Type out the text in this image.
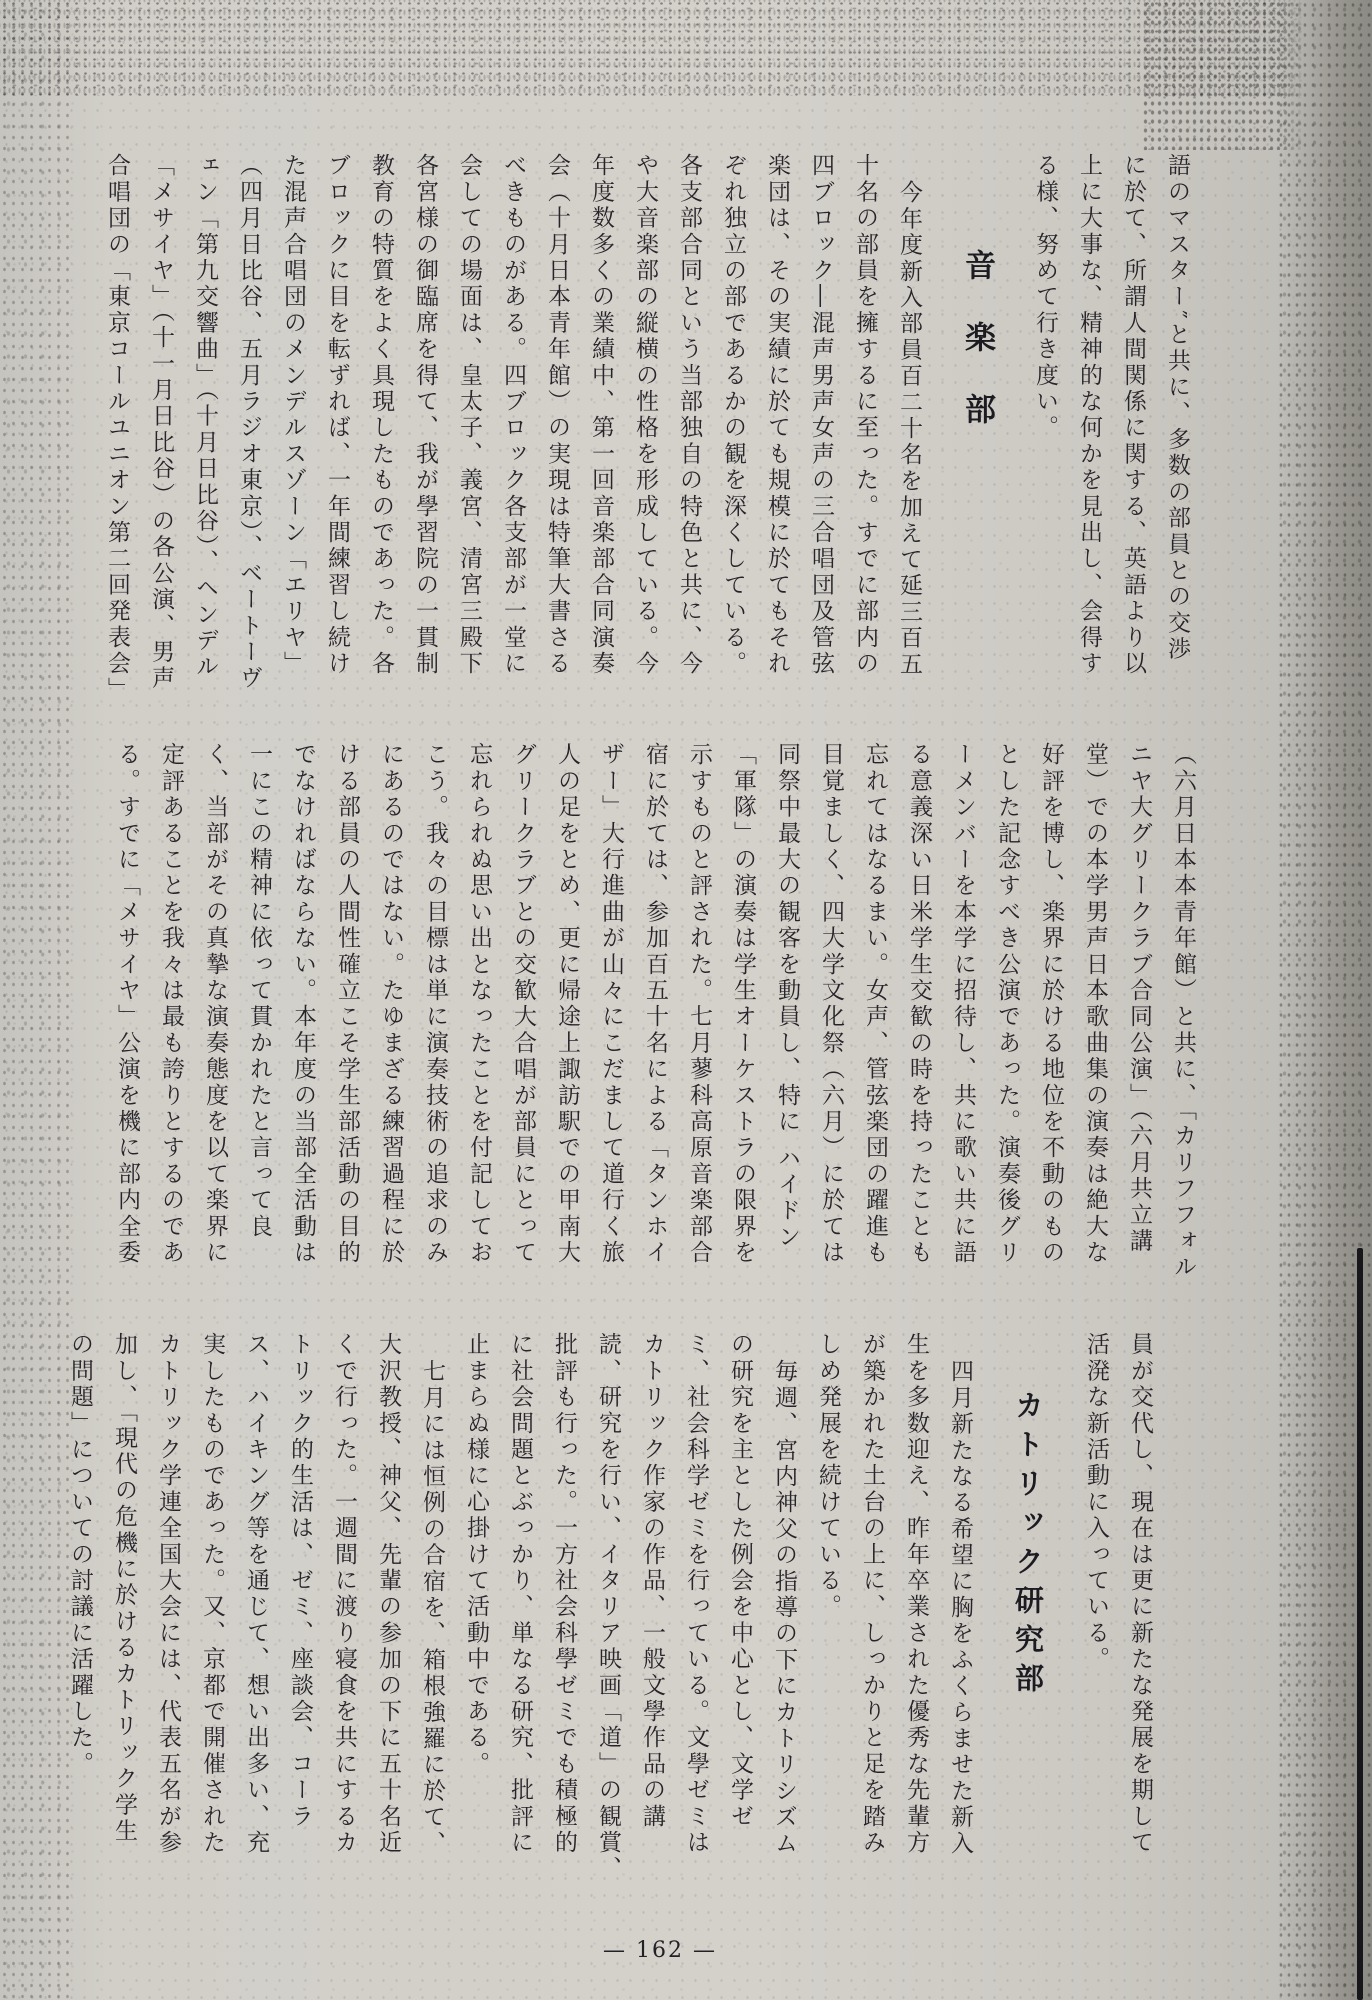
語のマスター″と共に、多数の部員との交渉

に於て、所謂人間関係に関する、英語より以

上に大事な、精神的な何かを見出し、会得す

る様、努めて行き度い。

音楽部

今年度新入部員百二十名を加えて延三百五

十名の部員を擁するに至った。すでに部内の

四ブロック―混声男声女声の三合唱団及管弦

楽団は、その実績に於ても規模に於てもそれ

ぞれ独立の部であるかの観を深くしている。

各支部合同という当部独自の特色と共に、今

や大音楽部の縦横の性格を形成している。今

年度数多くの業績中、第一回音楽部合同演奏

会（十月日本青年館）の実現は特筆大書さる

べきものがある。四ブロック各支部が一堂に

会しての場面は、皇太子、義宮、清宮三殿下

各宮様の御臨席を得て、我が學習院の一貫制

教育の特質をよく具現したものであった。各

ブロックに目を転ずれば、一年間練習し続け

た混声合唱団のメンデルスゾーン「エリヤ」

（四月日比谷、五月ラジオ東京）、ベートーヴ

ェン「第九交響曲」（十月日比谷）、ヘンデル

「メサイヤ」（十一月日比谷）の各公演、男声

合唱団の「東京コールユニオン第二回発表会」

（六月日本本青年館）と共に、「カリフフォル

ニヤ大グリークラブ合同公演」（六月共立講

堂）での本学男声日本歌曲集の演奏は絶大な

好評を博し、楽界に於ける地位を不動のもの

とした記念すべき公演であった。演奏後グリ

ーメンバーを本学に招待し、共に歌い共に語

る意義深い日米学生交歓の時を持ったことも

忘れてはなるまい。女声、管弦楽団の躍進も

目覚ましく、四大学文化祭（六月）に於ては

同祭中最大の観客を動員し、特に ハイドン

「軍隊」の演奏は学生オーケストラの限界を

示すものと評された。七月蓼科高原音楽部合

宿に於ては、参加百五十名による「タンホイ

ザー」大行進曲が山々にこだまして道行く旅

人の足をとめ、更に帰途上諏訪駅での甲南大

グリークラブとの交歓大合唱が部員にとって

忘れられぬ思い出となったことを付記してお

こう。我々の目標は単に演奏技術の追求のみ

にあるのではない。たゆまざる練習過程に於

ける部員の人間性確立こそ学生部活動の目的

でなければならない。本年度の当部全活動は

一にこの精神に依って貫かれたと言って良

く、当部がその真摯な演奏態度を以て楽界に

定評あることを我々は最も誇りとするのであ

る。すでに「メサイヤ」公演を機に部内全委

員が交代し、現在は更に新たな発展を期して

活溌な新活動に入っている。

カトリック研究部

四月新たなる希望に胸をふくらませた新入

生を多数迎え、昨年卒業された優秀な先輩方

が築かれた土台の上に、しっかりと足を踏み

しめ発展を続けている。

毎週、宮内神父の指導の下にカトリシズム

の研究を主とした例会を中心とし、文学ゼ

ミ、社会科学ゼミを行っている。文學ゼミは

カトリック作家の作品、一般文學作品の講

読、研究を行い、イタリア映画「道」の観賞、

批評も行った。一方社会科學ゼミでも積極的

に社会問題とぶっかり、単なる研究、批評に

止まらぬ様に心掛けて活動中である。

七月には恒例の合宿を、箱根強羅に於て、

大沢教授、神父、先輩の参加の下に五十名近

くで行った。一週間に渡り寝食を共にするカ

トリック的生活は、ゼミ、座談会、コーラ

ス、ハイキング等を通じて、想い出多い、充

実したものであった。又、京都で開催された

カトリック学連全国大会には、代表五名が参

加し、「現代の危機に於けるカトリック学生

の問題」についての討議に活躍した。

— 162 —
